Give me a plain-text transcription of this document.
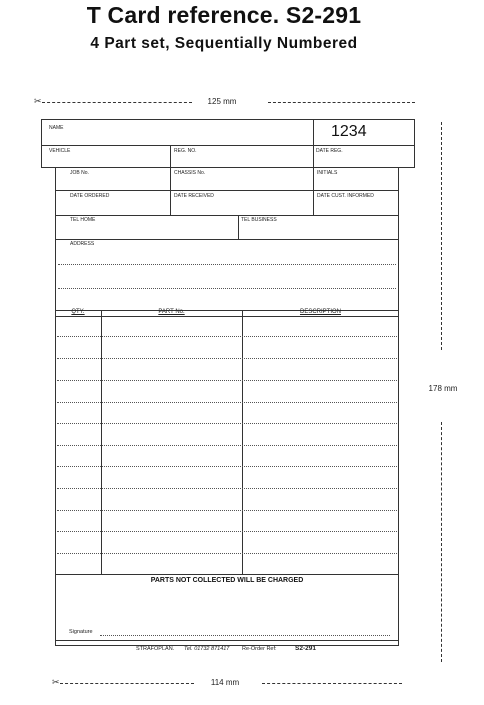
T Card reference. S2-291
4 Part set, Sequentially Numbered
✂	125 mm
178 mm
✂	114 mm
NAME	1234
VEHICLE	REG. NO.	DATE REG.
JOB No.	CHASSIS No.	INITIALS
DATE ORDERED	DATE RECEIVED	DATE CUST. INFORMED
TEL HOME	TEL BUSINESS
ADDRESS
QTY.	PART No.	DESCRIPTION
PARTS NOT COLLECTED WILL BE CHARGED
Signature
STRAFOPLAN. Tel. 01732 871417 Re-Order Ref:	S2-291
